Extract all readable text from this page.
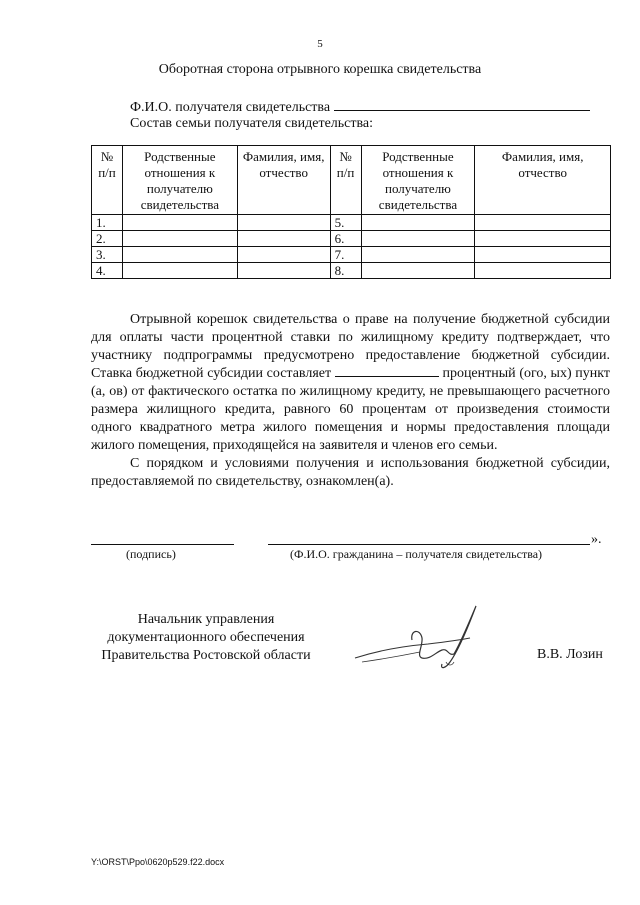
5
Оборотная сторона отрывного корешка свидетельства
Ф.И.О. получателя свидетельства
Состав семьи получателя свидетельства:
№ п/п	Родственные отношения к получателю свидетельства	Фамилия, имя, отчество	№ п/п	Родственные отношения к получателю свидетельства	Фамилия, имя, отчество
1.			5.		
2.			6.		
3.			7.		
4.			8.		

Отрывной корешок свидетельства о праве на получение бюджетной субсидии для оплаты части процентной ставки по жилищному кредиту подтверждает, что участнику подпрограммы предусмотрено предоставление бюджетной субсидии. Ставка бюджетной субсидии составляет	процентный (ого, ых) пункт (а, ов) от фактического остатка по жилищному кредиту, не превышающего расчетного размера жилищного кредита, равного 60 процентам от произведения стоимости одного квадратного метра жилого помещения и нормы предоставления площади жилого помещения, приходящейся на заявителя и членов его семьи.

С порядком и условиями получения и использования бюджетной субсидии, предоставляемой по свидетельству, ознакомлен(а).

».
(подпись)	(Ф.И.О. гражданина – получателя свидетельства)
Начальник управления
документационного обеспечения
Правительства Ростовской области	В.В. Лозин
Y:\ORST\Ppo\0620p529.f22.docx
